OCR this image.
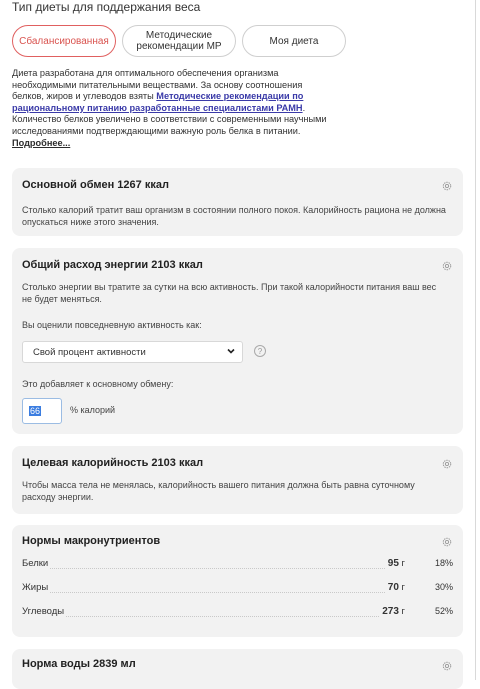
Тип диеты для поддержания веса
Сбалансированная	Методические рекомендации МР	Моя диета
Диета разработана для оптимального обеспечения организма необходимыми питательными веществами. За основу соотношения белков, жиров и углеводов взяты Методические рекомендации по рациональному питанию разработанные специалистами РАМН. Количество белков увеличено в соответствии с современными научными исследованиями подтверждающими важную роль белка в питании. Подробнее...
Основной обмен 1267 ккал
Столько калорий тратит ваш организм в состоянии полного покоя. Калорийность рациона не должна опускаться ниже этого значения.
Общий расход энергии 2103 ккал
Столько энергии вы тратите за сутки на всю активность. При такой калорийности питания ваш вес не будет меняться.
Вы оценили повседневную активность как:
Свой процент активности	?
Это добавляет к основному обмену:
66	% калорий
Целевая калорийность 2103 ккал
Чтобы масса тела не менялась, калорийность вашего питания должна быть равна суточному расходу энергии.
Нормы макронутриентов
Белки	95 г	18%
Жиры	70 г	30%
Углеводы	273 г	52%
Норма воды 2839 мл
